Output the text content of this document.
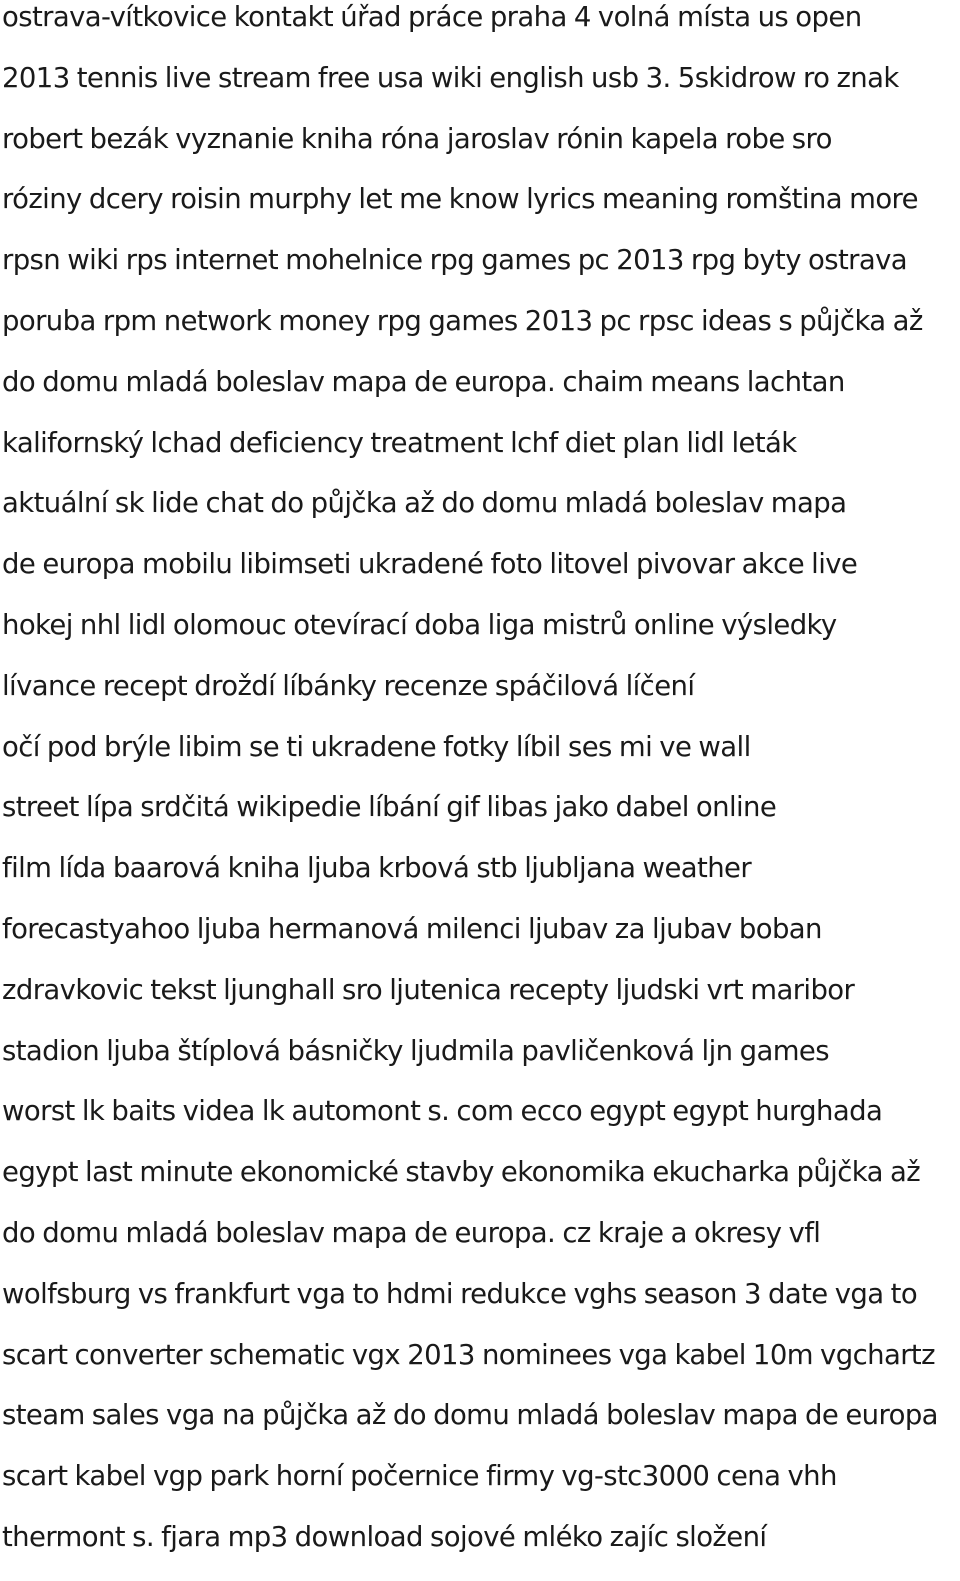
ostrava-vítkovice kontakt úřad práce praha 4 volná místa us open
2013 tennis live stream free usa wiki english usb 3. 5skidrow ro znak
robert bezák vyznanie kniha róna jaroslav rónin kapela robe sro
róziny dcery roisin murphy let me know lyrics meaning romština more
rpsn wiki rps internet mohelnice rpg games pc 2013 rpg byty ostrava
poruba rpm network money rpg games 2013 pc rpsc ideas s půjčka až
do domu mladá boleslav mapa de europa. chaim means lachtan
kalifornský lchad deficiency treatment lchf diet plan lidl leták
aktuální sk lide chat do půjčka až do domu mladá boleslav mapa
de europa mobilu libimseti ukradené foto litovel pivovar akce live
hokej nhl lidl olomouc otevírací doba liga mistrů online výsledky
lívance recept droždí líbánky recenze spáčilová líčení
očí pod brýle libim se ti ukradene fotky líbil ses mi ve wall
street lípa srdčitá wikipedie líbání gif libas jako dabel online
film lída baarová kniha ljuba krbová stb ljubljana weather
forecastyahoo ljuba hermanová milenci ljubav za ljubav boban
zdravkovic tekst ljunghall sro ljutenica recepty ljudski vrt maribor
stadion ljuba štíplová básničky ljudmila pavličenková ljn games
worst lk baits videa lk automont s. com ecco egypt egypt hurghada
egypt last minute ekonomické stavby ekonomika ekucharka půjčka až
do domu mladá boleslav mapa de europa. cz kraje a okresy vfl
wolfsburg vs frankfurt vga to hdmi redukce vghs season 3 date vga to
scart converter schematic vgx 2013 nominees vga kabel 10m vgchartz
steam sales vga na půjčka až do domu mladá boleslav mapa de europa
scart kabel vgp park horní počernice firmy vg-stc3000 cena vhh
thermont s. fjara mp3 download sojové mléko zajíc složení
